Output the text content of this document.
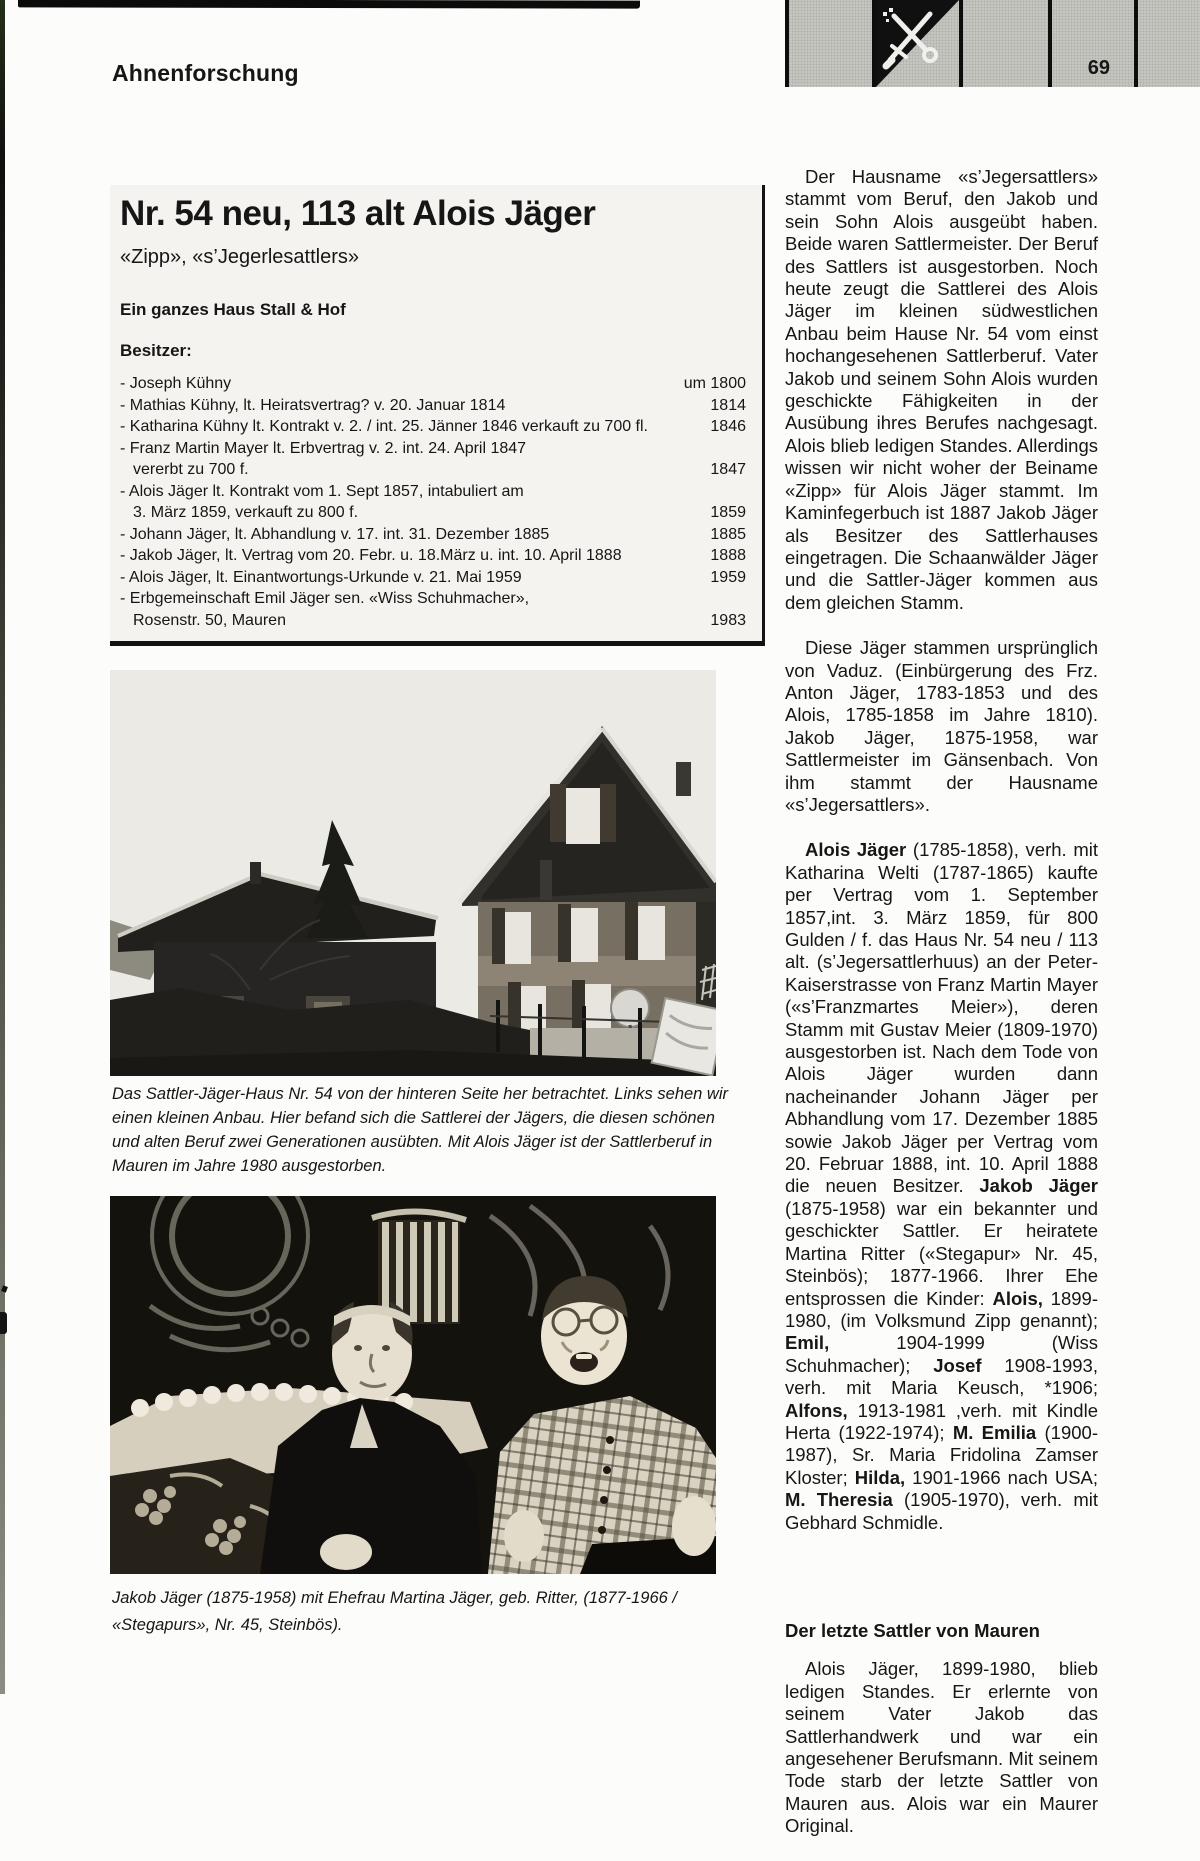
Ahnenforschung	69
Nr. 54 neu, 113 alt Alois Jäger
«Zipp», «s’Jegerlesattlers»
Ein ganzes Haus Stall & Hof
Besitzer:
- Joseph Kühny	um 1800
- Mathias Kühny, lt. Heiratsvertrag? v. 20. Januar 1814	1814
- Katharina Kühny lt. Kontrakt v. 2. / int. 25. Jänner 1846 verkauft zu 700 fl.	1846
- Franz Martin Mayer lt. Erbvertrag v. 2. int. 24. April 1847
vererbt zu 700 f.	1847
- Alois Jäger lt. Kontrakt vom 1. Sept 1857, intabuliert am
3. März 1859, verkauft zu 800 f.	1859
- Johann Jäger, lt. Abhandlung v. 17. int. 31. Dezember 1885	1885
- Jakob Jäger, lt. Vertrag vom 20. Febr. u. 18.März u. int. 10. April 1888	1888
- Alois Jäger, lt. Einantwortungs-Urkunde v. 21. Mai 1959	1959
- Erbgemeinschaft Emil Jäger sen. «Wiss Schuhmacher»,
Rosenstr. 50, Mauren	1983

Der Hausname «s’Jegersattlers» stammt vom Beruf, den Jakob und sein Sohn Alois ausgeübt haben. Beide waren Sattlermeister. Der Beruf des Sattlers ist ausgestorben. Noch heute zeugt die Sattlerei des Alois Jäger im kleinen südwestlichen Anbau beim Hause Nr. 54 vom einst hochangesehenen Sattlerberuf. Vater Jakob und seinem Sohn Alois wurden geschickte Fähigkeiten in der Ausübung ihres Berufes nachgesagt. Alois blieb ledigen Standes. Allerdings wissen wir nicht woher der Beiname «Zipp» für Alois Jäger stammt. Im Kaminfegerbuch ist 1887 Jakob Jäger als Besitzer des Sattlerhauses eingetragen. Die Schaanwälder Jäger und die Sattler-Jäger kommen aus dem gleichen Stamm.

Diese Jäger stammen ursprünglich von Vaduz. (Einbürgerung des Frz. Anton Jäger, 1783-1853 und des Alois, 1785-1858 im Jahre 1810). Jakob Jäger, 1875-1958, war Sattlermeister im Gänsenbach. Von ihm stammt der Hausname «s’Jegersattlers».

Alois Jäger (1785-1858), verh. mit Katharina Welti (1787-1865) kaufte per Vertrag vom 1. September 1857,int. 3. März 1859, für 800 Gulden / f. das Haus Nr. 54 neu / 113 alt. (s’Jegersattlerhuus) an der Peter-Kaiserstrasse von Franz Martin Mayer («s’Franzmartes Meier»), deren Stamm mit Gustav Meier (1809-1970) ausgestorben ist. Nach dem Tode von Alois Jäger wurden dann nacheinander Johann Jäger per Abhandlung vom 17. Dezember 1885 sowie Jakob Jäger per Vertrag vom 20. Februar 1888, int. 10. April 1888 die neuen Besitzer. Jakob Jäger (1875-1958) war ein bekannter und geschickter Sattler. Er heiratete Martina Ritter («Stegapur» Nr. 45, Steinbös); 1877-1966. Ihrer Ehe entsprossen die Kinder: Alois, 1899-1980, (im Volksmund Zipp genannt); Emil, 1904-1999 (Wiss Schuhmacher); Josef 1908-1993, verh. mit Maria Keusch, *1906; Alfons, 1913-1981 ,verh. mit Kindle Herta (1922-1974); M. Emilia (1900-1987), Sr. Maria Fridolina Zamser Kloster; Hilda, 1901-1966 nach USA; M. Theresia (1905-1970), verh. mit Gebhard Schmidle.

Der letzte Sattler von Mauren

Alois Jäger, 1899-1980, blieb ledigen Standes. Er erlernte von seinem Vater Jakob das Sattlerhandwerk und war ein angesehener Berufsmann. Mit seinem Tode starb der letzte Sattler von Mauren aus. Alois war ein Maurer Original.

Das Sattler-Jäger-Haus Nr. 54 von der hinteren Seite her betrachtet. Links sehen wir einen kleinen Anbau. Hier befand sich die Sattlerei der Jägers, die diesen schönen und alten Beruf zwei Generationen ausübten. Mit Alois Jäger ist der Sattlerberuf in Mauren im Jahre 1980 ausgestorben.
Jakob Jäger (1875-1958) mit Ehefrau Martina Jäger, geb. Ritter, (1877-1966 / «Stegapurs», Nr. 45, Steinbös).
